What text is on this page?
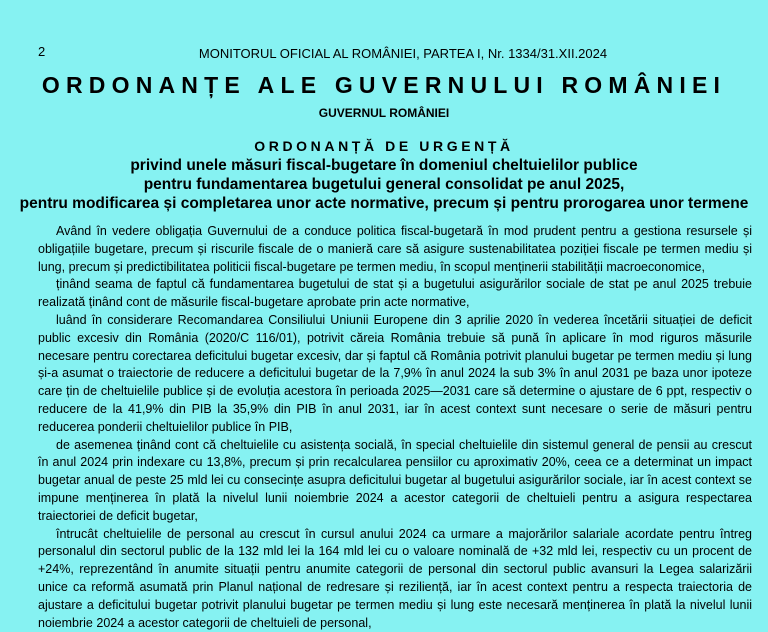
2	MONITORUL OFICIAL AL ROMÂNIEI, PARTEA I, Nr. 1334/31.XII.2024
ORDONANȚE ALE GUVERNULUI ROMÂNIEI
GUVERNUL ROMÂNIEI
ORDONANȚĂ DE URGENȚĂ
privind unele măsuri fiscal-bugetare în domeniul cheltuielilor publice
pentru fundamentarea bugetului general consolidat pe anul 2025,
pentru modificarea și completarea unor acte normative, precum și pentru prorogarea unor termene

Având în vedere obligația Guvernului de a conduce politica fiscal-bugetară în mod prudent pentru a gestiona resursele și obligațiile bugetare, precum și riscurile fiscale de o manieră care să asigure sustenabilitatea poziției fiscale pe termen mediu și lung, precum și predictibilitatea politicii fiscal-bugetare pe termen mediu, în scopul menținerii stabilității macroeconomice,

ținând seama de faptul că fundamentarea bugetului de stat și a bugetului asigurărilor sociale de stat pe anul 2025 trebuie realizată ținând cont de măsurile fiscal-bugetare aprobate prin acte normative,

luând în considerare Recomandarea Consiliului Uniunii Europene din 3 aprilie 2020 în vederea încetării situației de deficit public excesiv din România (2020/C 116/01), potrivit căreia România trebuie să pună în aplicare în mod riguros măsurile necesare pentru corectarea deficitului bugetar excesiv, dar și faptul că România potrivit planului bugetar pe termen mediu și lung și-a asumat o traiectorie de reducere a deficitului bugetar de la 7,9% în anul 2024 la sub 3% în anul 2031 pe baza unor ipoteze care țin de cheltuielile publice și de evoluția acestora în perioada 2025—2031 care să determine o ajustare de 6 ppt, respectiv o reducere de la 41,9% din PIB la 35,9% din PIB în anul 2031, iar în acest context sunt necesare o serie de măsuri pentru reducerea ponderii cheltuielilor publice în PIB,

de asemenea ținând cont că cheltuielile cu asistența socială, în special cheltuielile din sistemul general de pensii au crescut în anul 2024 prin indexare cu 13,8%, precum și prin recalcularea pensiilor cu aproximativ 20%, ceea ce a determinat un impact bugetar anual de peste 25 mld lei cu consecințe asupra deficitului bugetar al bugetului asigurărilor sociale, iar în acest context se impune menținerea în plată la nivelul lunii noiembrie 2024 a acestor categorii de cheltuieli pentru a asigura respectarea traiectoriei de deficit bugetar,

întrucât cheltuielile de personal au crescut în cursul anului 2024 ca urmare a majorărilor salariale acordate pentru întreg personalul din sectorul public de la 132 mld lei la 164 mld lei cu o valoare nominală de +32 mld lei, respectiv cu un procent de +24%, reprezentând în anumite situații pentru anumite categorii de personal din sectorul public avansuri la Legea salarizării unice ca reformă asumată prin Planul național de redresare și reziliență, iar în acest context pentru a respecta traiectoria de ajustare a deficitului bugetar potrivit planului bugetar pe termen mediu și lung este necesară menținerea în plată la nivelul lunii noiembrie 2024 a acestor categorii de cheltuieli de personal,
